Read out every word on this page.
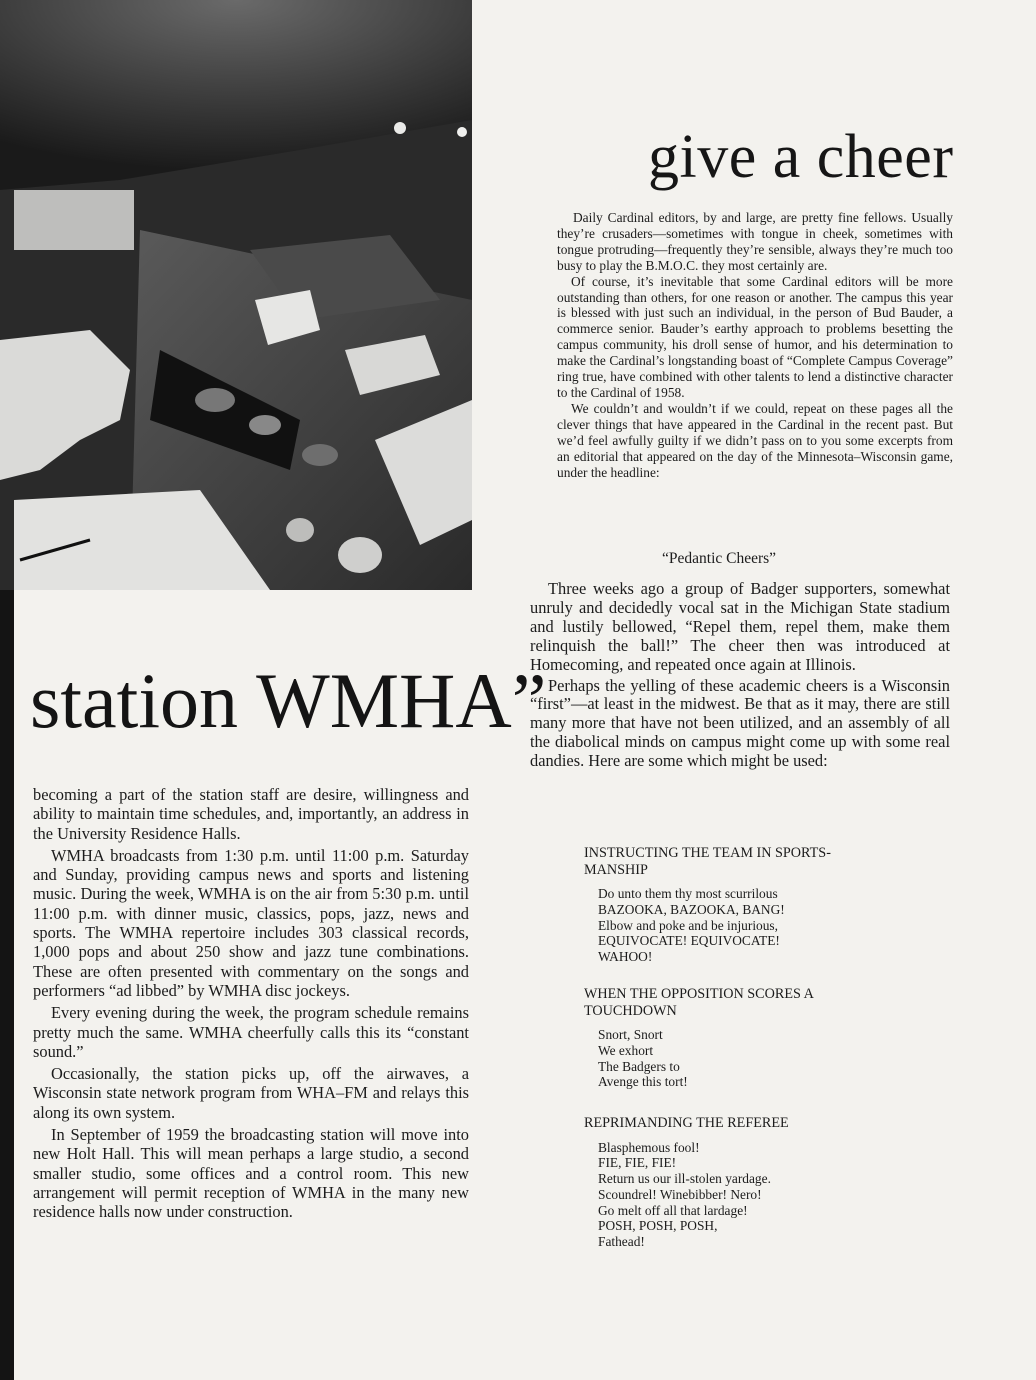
give a cheer

Daily Cardinal editors, by and large, are pretty fine fellows. Usually they’re crusaders—sometimes with tongue in cheek, sometimes with tongue protruding—frequently they’re sensible, always they’re much too busy to play the B.M.O.C. they most certainly are.

Of course, it’s inevitable that some Cardinal editors will be more outstanding than others, for one reason or another. The campus this year is blessed with just such an individual, in the person of Bud Bauder, a commerce senior. Bauder’s earthy approach to problems besetting the campus community, his droll sense of humor, and his determination to make the Cardinal’s longstanding boast of “Complete Campus Coverage” ring true, have combined with other talents to lend a distinctive character to the Cardinal of 1958.

We couldn’t and wouldn’t if we could, repeat on these pages all the clever things that have appeared in the Cardinal in the recent past. But we’d feel awfully guilty if we didn’t pass on to you some excerpts from an editorial that appeared on the day of the Minnesota–Wisconsin game, under the headline:

“Pedantic Cheers”

Three weeks ago a group of Badger supporters, somewhat unruly and decidedly vocal sat in the Michigan State stadium and lustily bellowed, “Repel them, repel them, make them relinquish the ball!” The cheer then was introduced at Homecoming, and repeated once again at Illinois.

Perhaps the yelling of these academic cheers is a Wisconsin “first”—at least in the midwest. Be that as it may, there are still many more that have not been utilized, and an assembly of all the diabolical minds on campus might come up with some real dandies. Here are some which might be used:

INSTRUCTING THE TEAM IN SPORTS- MANSHIP
Do unto them thy most scurrilous
BAZOOKA, BAZOOKA, BANG!
Elbow and poke and be injurious,
EQUIVOCATE! EQUIVOCATE!
WAHOO!
WHEN THE OPPOSITION SCORES A TOUCHDOWN
Snort, Snort
We exhort
The Badgers to
Avenge this tort!
REPRIMANDING THE REFEREE
Blasphemous fool!
FIE, FIE, FIE!
Return us our ill-stolen yardage.
Scoundrel! Winebibber! Nero!
Go melt off all that lardage!
POSH, POSH, POSH,
Fathead!
station WMHA”

becoming a part of the station staff are desire, willingness and ability to maintain time schedules, and, importantly, an address in the University Residence Halls.

WMHA broadcasts from 1:30 p.m. until 11:00 p.m. Saturday and Sunday, providing campus news and sports and listening music. During the week, WMHA is on the air from 5:30 p.m. until 11:00 p.m. with dinner music, classics, pops, jazz, news and sports. The WMHA repertoire includes 303 classical records, 1,000 pops and about 250 show and jazz tune combinations. These are often presented with commentary on the songs and performers “ad libbed” by WMHA disc jockeys.

Every evening during the week, the program schedule remains pretty much the same. WMHA cheerfully calls this its “constant sound.”

Occasionally, the station picks up, off the airwaves, a Wisconsin state network program from WHA–FM and relays this along its own system.

In September of 1959 the broadcasting station will move into new Holt Hall. This will mean perhaps a large studio, a second smaller studio, some offices and a control room. This new arrangement will permit reception of WMHA in the many new residence halls now under construction.
